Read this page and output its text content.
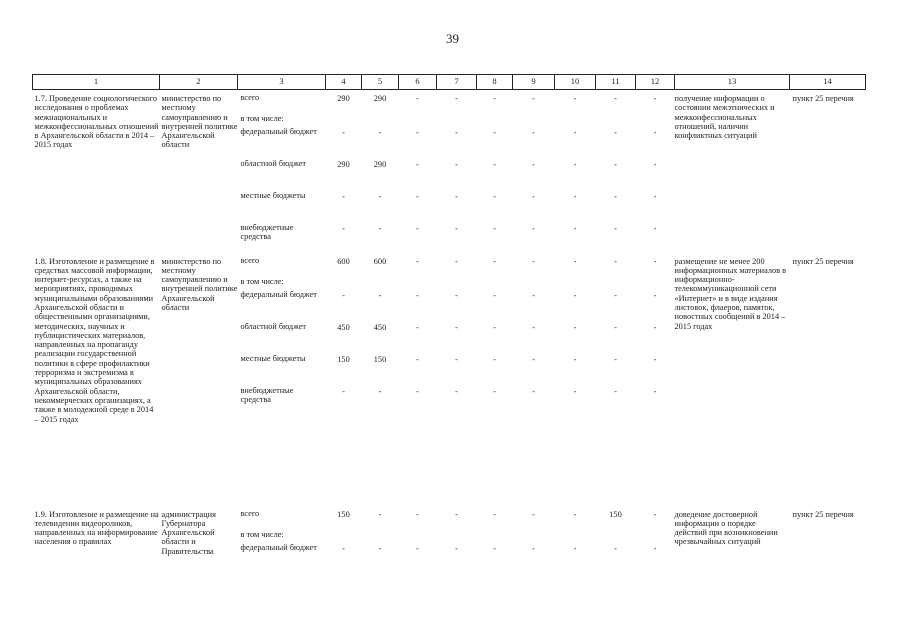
39
1	2	3	4	5	6	7	8	9	10	11	12	13	14
1.7. Проведение социологического исследования о проблемах межнациональных и межконфессиональных отношений в Архангельской области в 2014 – 2015 годах	министерство по местному самоуправлению и внутренней политике Архангельской области	всего	290	290	-	-	-	-	-	-	-	получение информации о состоянии межэтнических и межконфессиональных отношений, наличии конфликтных ситуаций	пункт 25 перечня
		в том числе:											
		федеральный бюджет	-	-	-	-	-	-	-	-	-		
		областной бюджет	290	290	-	-	-	-	-	-	-		
		местные бюджеты	-	-	-	-	-	-	-	-	-		
		внебюджетные средства	-	-	-	-	-	-	-	-	-		
1.8. Изготовление и размещение в средствах массовой информации, интернет-ресурсах, а также на мероприятиях, проводимых муниципальными образованиями Архангельской области и общественными организациями, методических, научных и публицистических материалов, направленных на пропаганду реализации государственной политики в сфере профилактики терроризма и экстремизма в муниципальных образованиях Архангельской области, некоммерческих организациях, а также в молодежной среде в 2014 – 2015 годах	министерство по местному самоуправлению и внутренней политике Архангельской области	всего	600	600	-	-	-	-	-	-	-	размещение не менее 200 информационных материалов в информационно-телекоммуникационной сети «Интернет» и в виде издания листовок, флаеров, памяток, новостных сообщений в 2014 – 2015 годах	пункт 25 перечня
		в том числе:											
		федеральный бюджет	-	-	-	-	-	-	-	-	-		
		областной бюджет	450	450	-	-	-	-	-	-	-		
		местные бюджеты	150	150	-	-	-	-	-	-	-		
		внебюджетные средства	-	-	-	-	-	-	-	-	-		
1.9. Изготовление и размещение на телевидении видеороликов, направленных на информирование населения о правилах	администрация Губернатора Архангельской области и Правительства	всего	150	-	-	-	-	-	-	150	-	доведение достоверной информации о порядке действий при возникновении чрезвычайных ситуаций	пункт 25 перечня
		в том числе:											
		федеральный бюджет	-	-	-	-	-	-	-	-	-		
